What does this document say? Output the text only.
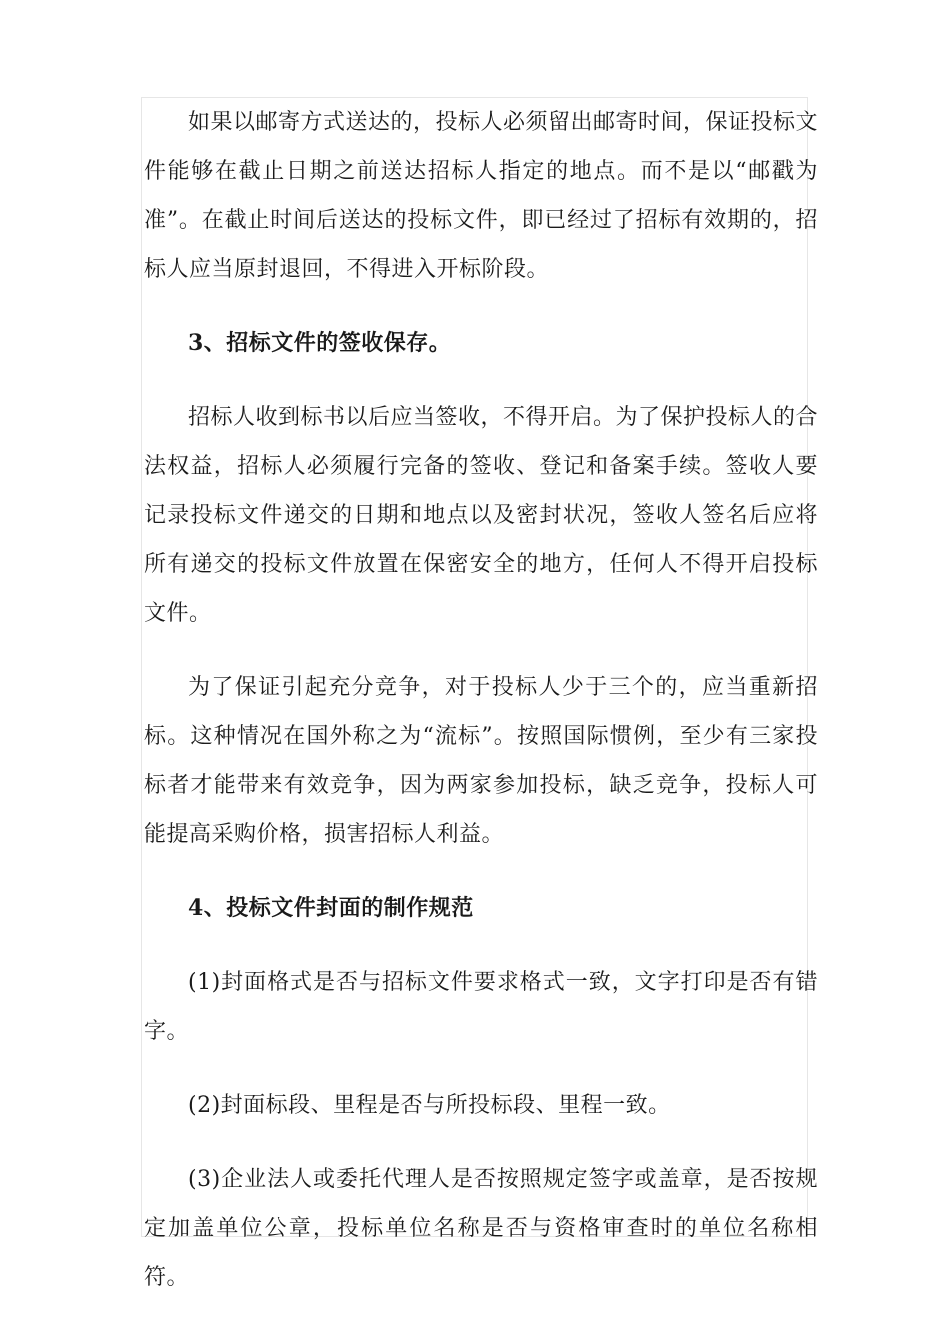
如果以邮寄方式送达的，投标人必须留出邮寄时间，保证投标文件能够在截止日期之前送达招标人指定的地点。而不是以“邮戳为准”。在截止时间后送达的投标文件，即已经过了招标有效期的，招标人应当原封退回，不得进入开标阶段。

3、招标文件的签收保存。

招标人收到标书以后应当签收，不得开启。为了保护投标人的合法权益，招标人必须履行完备的签收、登记和备案手续。签收人要记录投标文件递交的日期和地点以及密封状况，签收人签名后应将所有递交的投标文件放置在保密安全的地方，任何人不得开启投标文件。

为了保证引起充分竞争，对于投标人少于三个的，应当重新招标。这种情况在国外称之为“流标”。按照国际惯例，至少有三家投标者才能带来有效竞争，因为两家参加投标，缺乏竞争，投标人可能提高采购价格，损害招标人利益。

4、投标文件封面的制作规范

(1)封面格式是否与招标文件要求格式一致，文字打印是否有错字。

(2)封面标段、里程是否与所投标段、里程一致。

(3)企业法人或委托代理人是否按照规定签字或盖章，是否按规定加盖单位公章，投标单位名称是否与资格审查时的单位名称相符。
